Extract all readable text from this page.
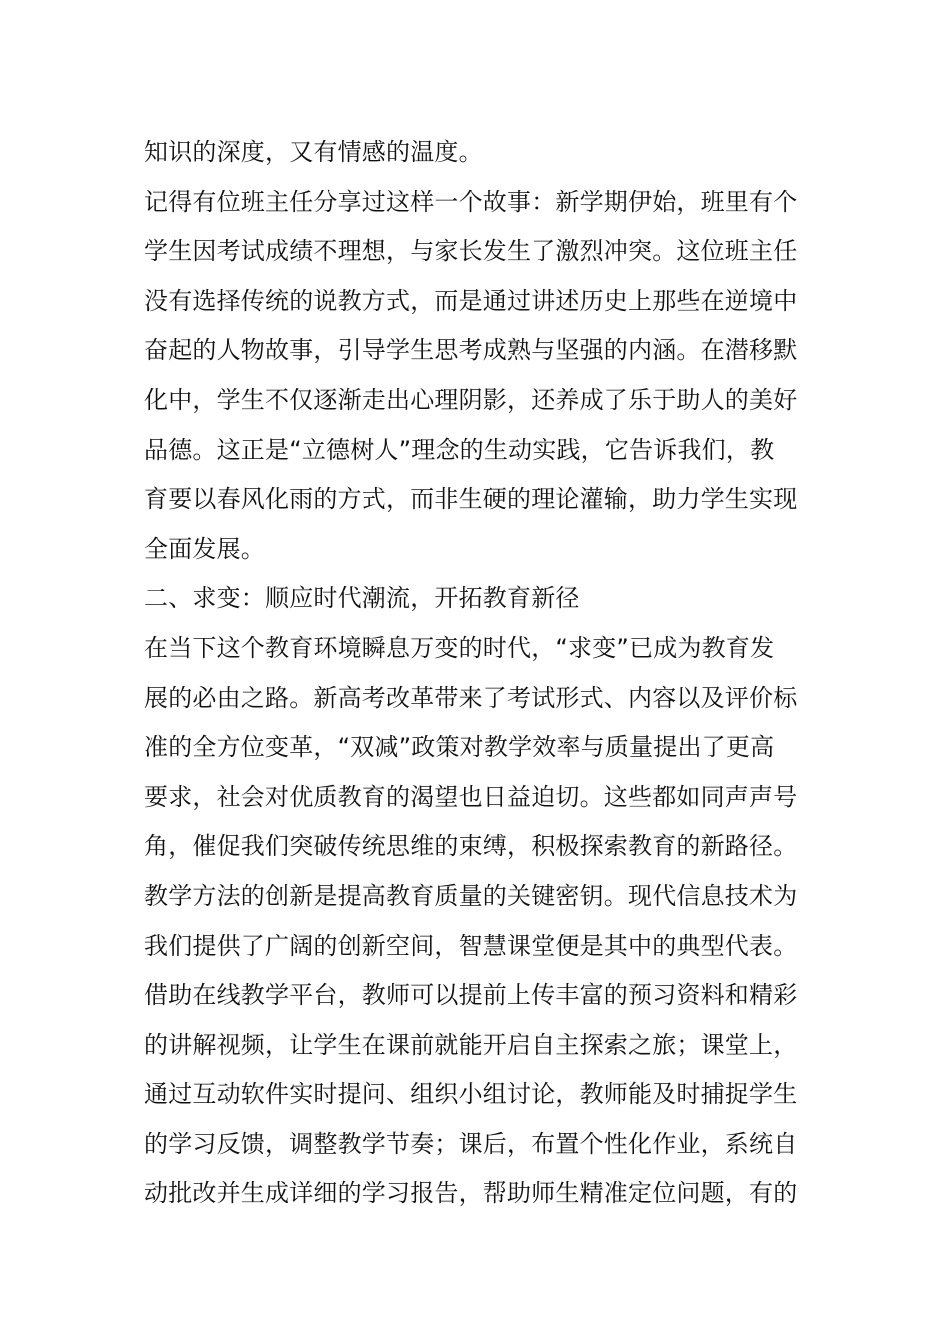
知识的深度，又有情感的温度。
记得有位班主任分享过这样一个故事：新学期伊始，班里有个
学生因考试成绩不理想，与家长发生了激烈冲突。这位班主任
没有选择传统的说教方式，而是通过讲述历史上那些在逆境中
奋起的人物故事，引导学生思考成熟与坚强的内涵。在潜移默
化中，学生不仅逐渐走出心理阴影，还养成了乐于助人的美好
品德。这正是“立德树人”理念的生动实践，它告诉我们，教
育要以春风化雨的方式，而非生硬的理论灌输，助力学生实现
全面发展。
二、求变：顺应时代潮流，开拓教育新径
在当下这个教育环境瞬息万变的时代，“求变”已成为教育发
展的必由之路。新高考改革带来了考试形式、内容以及评价标
准的全方位变革，“双减”政策对教学效率与质量提出了更高
要求，社会对优质教育的渴望也日益迫切。这些都如同声声号
角，催促我们突破传统思维的束缚，积极探索教育的新路径。
教学方法的创新是提高教育质量的关键密钥。现代信息技术为
我们提供了广阔的创新空间，智慧课堂便是其中的典型代表。
借助在线教学平台，教师可以提前上传丰富的预习资料和精彩
的讲解视频，让学生在课前就能开启自主探索之旅；课堂上，
通过互动软件实时提问、组织小组讨论，教师能及时捕捉学生
的学习反馈，调整教学节奏；课后，布置个性化作业，系统自
动批改并生成详细的学习报告，帮助师生精准定位问题，有的
